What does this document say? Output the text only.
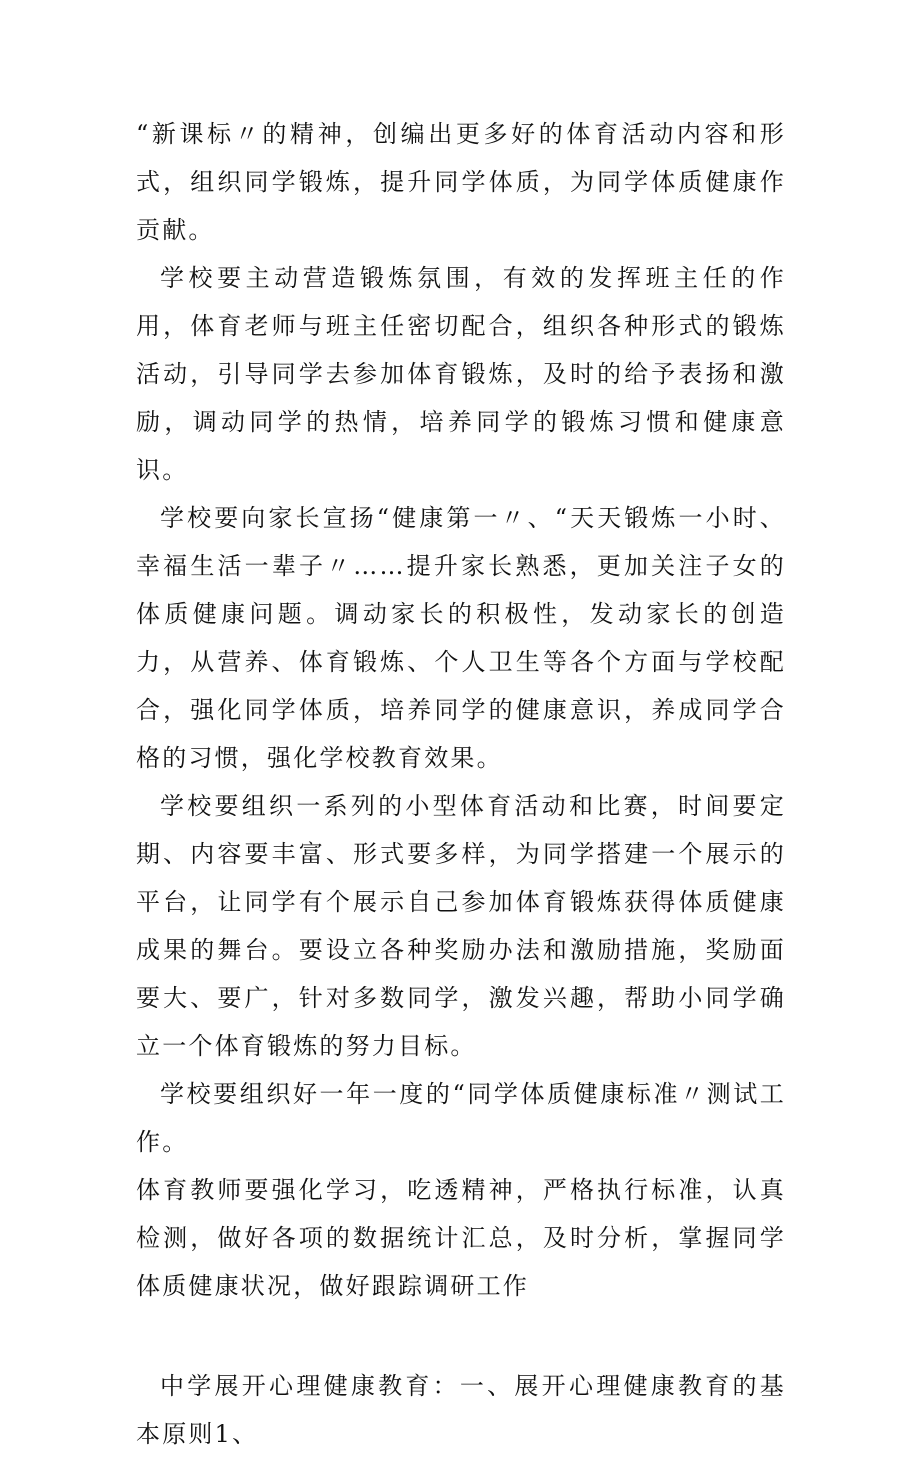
“新课标〃的精神，创编出更多好的体育活动内容和形式，组织同学锻炼，提升同学体质，为同学体质健康作贡献。

学校要主动营造锻炼氛围，有效的发挥班主任的作用，体育老师与班主任密切配合，组织各种形式的锻炼活动，引导同学去参加体育锻炼，及时的给予表扬和激励，调动同学的热情，培养同学的锻炼习惯和健康意识。

学校要向家长宣扬“健康第一〃、“天天锻炼一小时、幸福生活一辈子〃……提升家长熟悉，更加关注子女的体质健康问题。调动家长的积极性，发动家长的创造力，从营养、体育锻炼、个人卫生等各个方面与学校配合，强化同学体质，培养同学的健康意识，养成同学合格的习惯，强化学校教育效果。

学校要组织一系列的小型体育活动和比赛，时间要定期、内容要丰富、形式要多样，为同学搭建一个展示的平台，让同学有个展示自己参加体育锻炼获得体质健康成果的舞台。要设立各种奖励办法和激励措施，奖励面要大、要广，针对多数同学，激发兴趣，帮助小同学确立一个体育锻炼的努力目标。

学校要组织好一年一度的“同学体质健康标准〃测试工作。

体育教师要强化学习，吃透精神，严格执行标准，认真检测，做好各项的数据统计汇总，及时分析，掌握同学体质健康状况，做好跟踪调研工作

中学展开心理健康教育：一、展开心理健康教育的基本原则1、
